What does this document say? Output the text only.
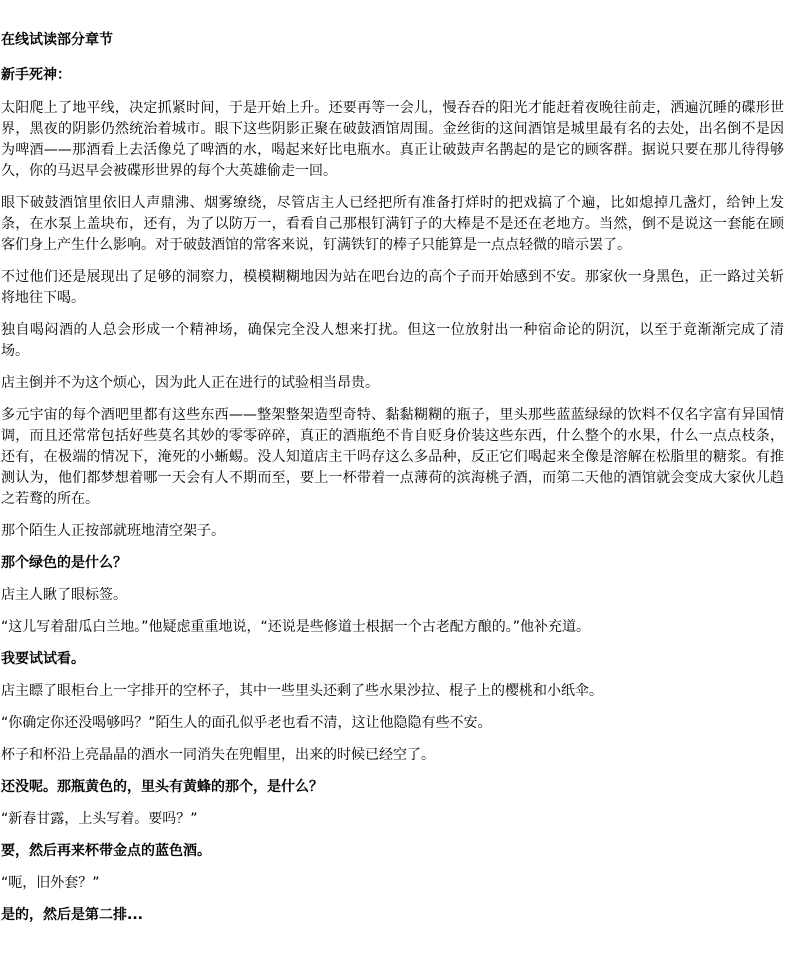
在线试读部分章节
新手死神：

太阳爬上了地平线，决定抓紧时间，于是开始上升。还要再等一会儿，慢吞吞的阳光才能赶着夜晚往前走，洒遍沉睡的碟形世界，黑夜的阴影仍然统治着城市。眼下这些阴影正聚在破鼓酒馆周围。金丝街的这间酒馆是城里最有名的去处，出名倒不是因为啤酒——那酒看上去活像兑了啤酒的水，喝起来好比电瓶水。真正让破鼓声名鹊起的是它的顾客群。据说只要在那儿待得够久，你的马迟早会被碟形世界的每个大英雄偷走一回。

眼下破鼓酒馆里依旧人声鼎沸、烟雾缭绕，尽管店主人已经把所有准备打烊时的把戏搞了个遍，比如熄掉几盏灯，给钟上发条，在水泵上盖块布，还有，为了以防万一，看看自己那根钉满钉子的大棒是不是还在老地方。当然，倒不是说这一套能在顾客们身上产生什么影响。对于破鼓酒馆的常客来说，钉满铁钉的棒子只能算是一点点轻微的暗示罢了。

不过他们还是展现出了足够的洞察力，模模糊糊地因为站在吧台边的高个子而开始感到不安。那家伙一身黑色，正一路过关斩将地往下喝。

独自喝闷酒的人总会形成一个精神场，确保完全没人想来打扰。但这一位放射出一种宿命论的阴沉，以至于竟渐渐完成了清场。

店主倒并不为这个烦心，因为此人正在进行的试验相当昂贵。

多元宇宙的每个酒吧里都有这些东西——整架整架造型奇特、黏黏糊糊的瓶子，里头那些蓝蓝绿绿的饮料不仅名字富有异国情调，而且还常常包括好些莫名其妙的零零碎碎，真正的酒瓶绝不肯自贬身价装这些东西，什么整个的水果，什么一点点枝条，还有，在极端的情况下，淹死的小蜥蜴。没人知道店主干吗存这么多品种，反正它们喝起来全像是溶解在松脂里的糖浆。有推测认为，他们都梦想着哪一天会有人不期而至，要上一杯带着一点薄荷的滨海桃子酒，而第二天他的酒馆就会变成大家伙儿趋之若鹜的所在。

那个陌生人正按部就班地清空架子。

那个绿色的是什么？

店主人瞅了眼标签。

“这儿写着甜瓜白兰地。”他疑虑重重地说，“还说是些修道士根据一个古老配方酿的。”他补充道。

我要试试看。

店主瞟了眼柜台上一字排开的空杯子，其中一些里头还剩了些水果沙拉、棍子上的樱桃和小纸伞。

“你确定你还没喝够吗？”陌生人的面孔似乎老也看不清，这让他隐隐有些不安。

杯子和杯沿上亮晶晶的酒水一同消失在兜帽里，出来的时候已经空了。

还没呢。那瓶黄色的，里头有黄蜂的那个，是什么？

“新春甘露，上头写着。要吗？”

要，然后再来杯带金点的蓝色酒。

“呃，旧外套？”

是的，然后是第二排...
